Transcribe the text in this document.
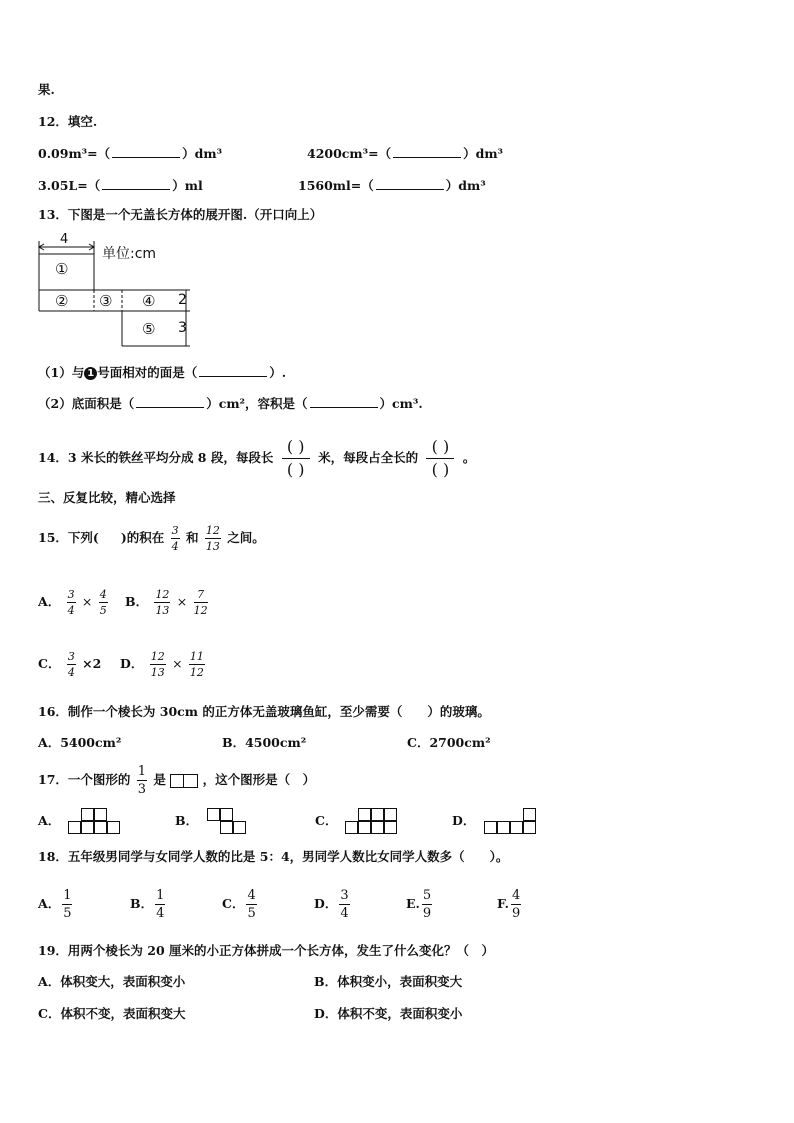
果.
12．填空.
0.09m³=（	）dm³	4200cm³=（	）dm³
3.05L=（	）ml	1560ml=（	）dm³
13．下图是一个无盖长方体的展开图.（开口向上）
4
①
② ③ ④
⑤
2
3
单位:cm
（1）与 1 号面相对的面是（	）.
（2）底面积是（	）cm²，容积是（	）cm³.
14．3 米长的铁丝平均分成 8 段，每段长
( )
( )
米，每段占全长的
( )
( )
。
三、反复比较，精心选择
15．下列( )的积在 $\frac{3}{4}$ 和 $\frac{12}{13}$ 之间。
A． $\frac{3}{4} \times \frac{4}{5}$ B． $\frac{12}{13} \times \frac{7}{12}$
C． $\frac{3}{4} \times 2$ D． $\frac{12}{13} \times \frac{11}{12}$
16．制作一个棱长为 30cm 的正方体无盖玻璃鱼缸，至少需要（　　）的玻璃。
A．5400cm²	B．4500cm²	C．2700cm²
17．一个图形的 $\frac{1}{3}$ 是	，这个图形是（　）
A．	B．	C．	D．
18．五年级男同学与女同学人数的比是 5：4，男同学人数比女同学人数多（　　）。
A． $\frac{1}{5}$	B． $\frac{1}{4}$	C． $\frac{4}{5}$	D． $\frac{3}{4}$	E. $\frac{5}{9}$	F. $\frac{4}{9}$
19．用两个棱长为 20 厘米的小正方体拼成一个长方体，发生了什么变化？（　）
A．体积变大，表面积变小	B．体积变小，表面积变大
C．体积不变，表面积变大	D．体积不变，表面积变小
